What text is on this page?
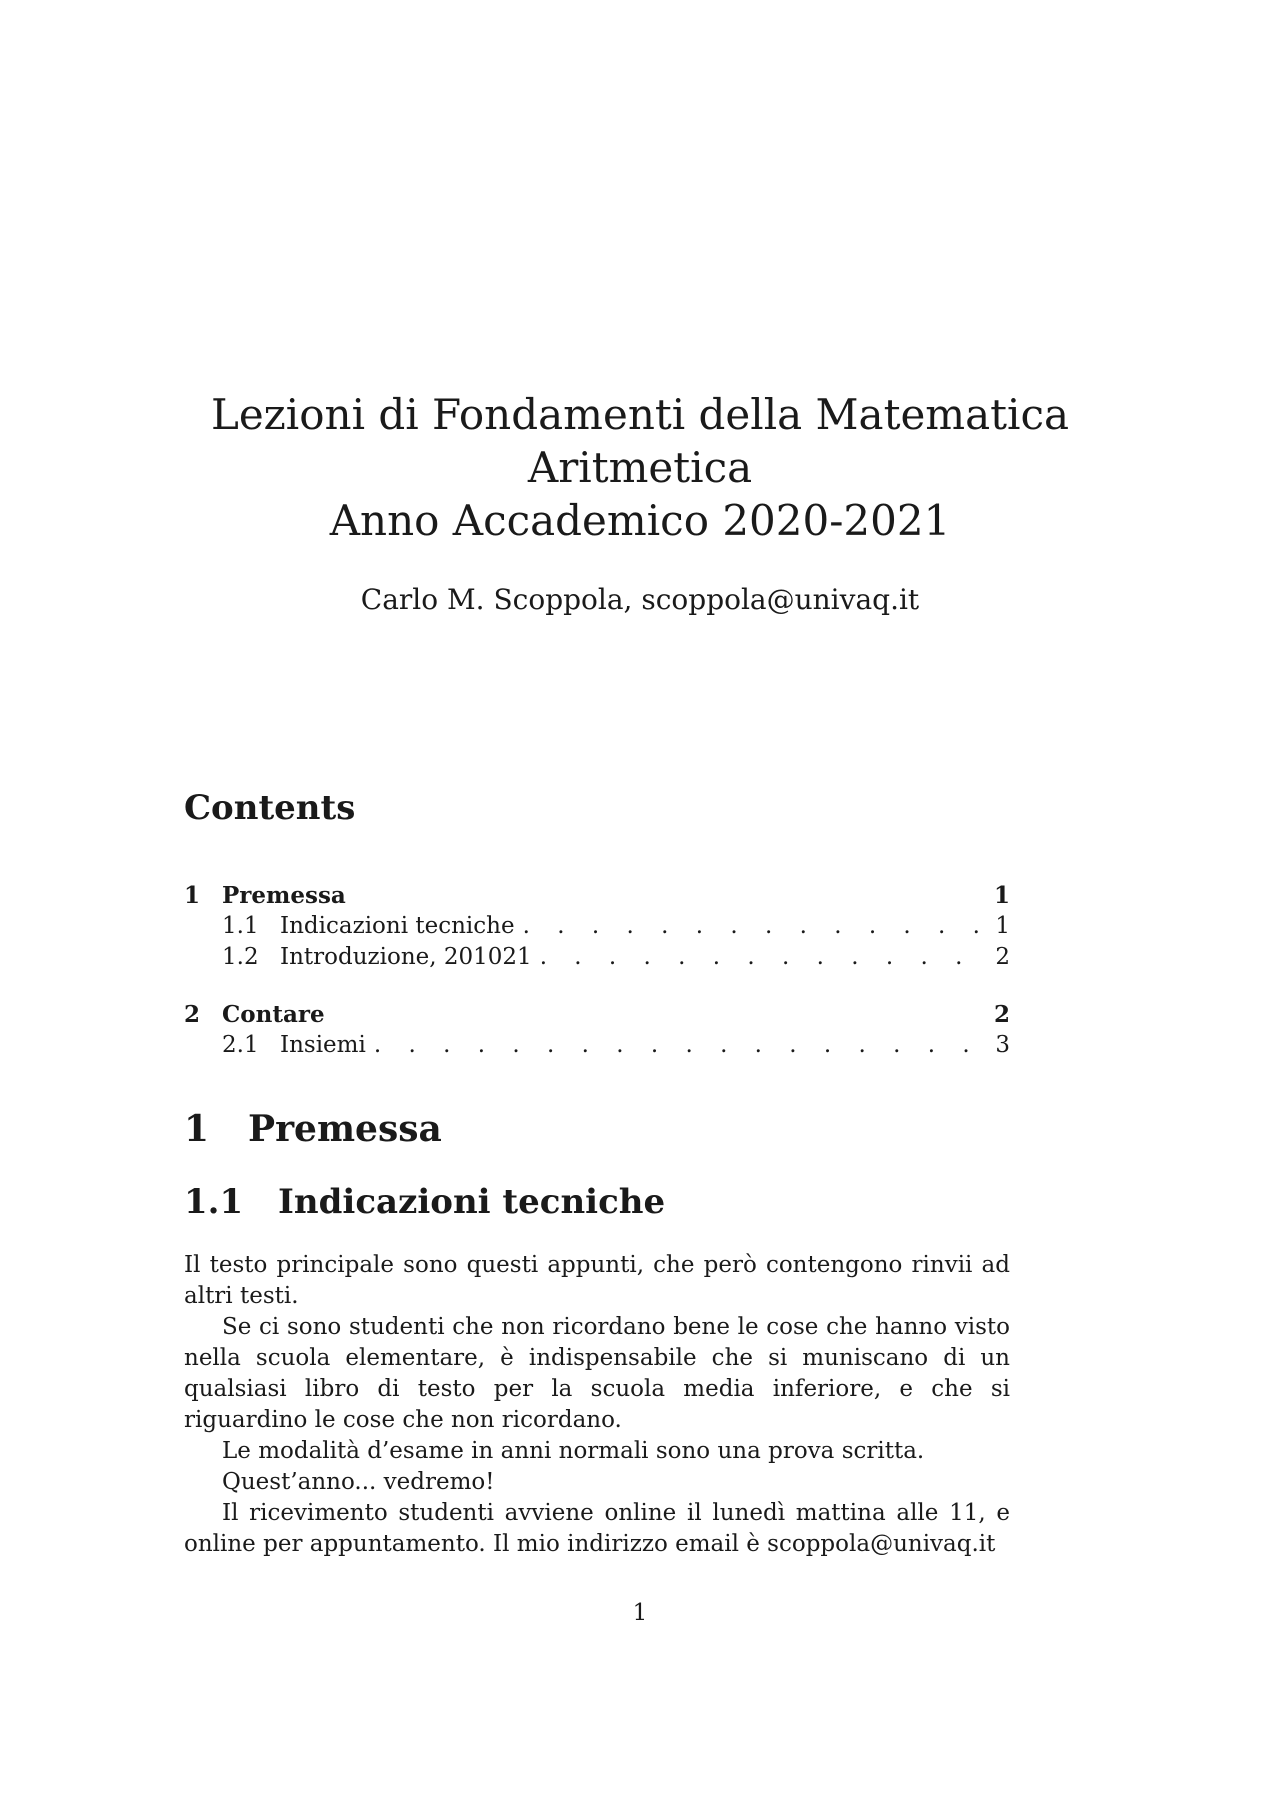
Lezioni di Fondamenti della Matematica

Aritmetica

Anno Accademico 2020-2021

Carlo M. Scoppola, scoppola@univaq.it
Contents
1 Premessa	1
1.1 Indicazioni tecniche . . .	1
1.2 Introduzione, 201021 . . .	2
2 Contare	2
2.1 Insiemi . . .	3
1 Premessa
1.1 Indicazioni tecniche

Il testo principale sono questi appunti, che però contengono rinvii ad altri testi.

Se ci sono studenti che non ricordano bene le cose che hanno visto nella scuola elementare, è indispensabile che si muniscano di un qualsiasi libro di testo per la scuola media inferiore, e che si riguardino le cose che non ricordano.

Le modalità d’esame in anni normali sono una prova scritta.

Quest’anno... vedremo!

Il ricevimento studenti avviene online il lunedì mattina alle 11, e online per appuntamento. Il mio indirizzo email è scoppola@univaq.it

1
